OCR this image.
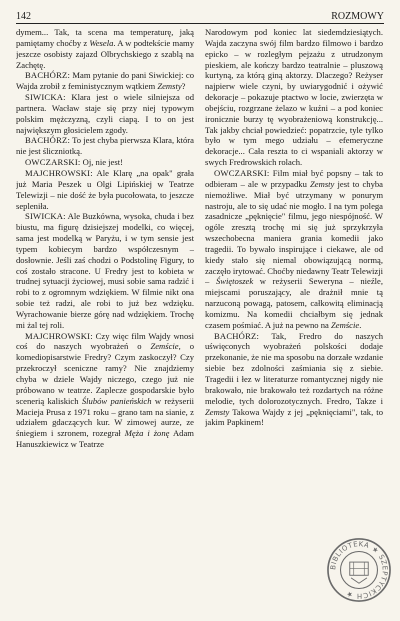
142	ROZMOWY

dymem... Tak, ta scena ma temperaturę, jaką pamiętamy choćby z Wesela. A w podtekście mamy jeszcze osobisty zajazd Olbrychskiego z szablą na Zachętę.

BACHÓRZ: Mam pytanie do pani Siwickiej: co Wajda zrobił z feministycznym wątkiem Zemsty?

SIWICKA: Klara jest o wiele silniejsza od partnera. Wacław staje się przy niej typowym polskim mężczyzną, czyli ciapą. I to on jest największym głosicielem zgody.

BACHÓRZ: To jest chyba pierwsza Klara, która nie jest śliczniotką.

OWCZARSKI: Oj, nie jest!

MAJCHROWSKI: Ale Klarę „na opak" grała już Maria Peszek u Olgi Lipińskiej w Teatrze Telewizji – nie dość że była pucołowata, to jeszcze sepleniła.

SIWICKA: Ale Buzkówna, wysoka, chuda i bez biustu, ma figurę dzisiejszej modelki, co więcej, sama jest modelką w Paryżu, i w tym sensie jest typem kobiecym bardzo współczesnym – dosłownie. Jeśli zaś chodzi o Podstolinę Figury, to coś zostało stracone. U Fredry jest to kobieta w trudnej sytuacji życiowej, musi sobie sama radzić i robi to z ogromnym wdziękiem. W filmie nikt ona sobie też radzi, ale robi to już bez wdzięku. Wyrachowanie bierze górę nad wdziękiem. Trochę mi żal tej roli.

MAJCHROWSKI: Czy więc film Wajdy wnosi coś do naszych wyobrażeń o Zemście, o komediopisarstwie Fredry? Czym zaskoczył? Czy przekroczył sceniczne ramy? Nie znajdziemy chyba w dziele Wajdy niczego, czego już nie próbowano w teatrze. Zaplecze gospodarskie było scenerią kaliskich Ślubów panieńskich w reżyserii Macieja Prusa z 1971 roku – grano tam na sianie, z udziałem gdaczących kur. W zimowej aurze, ze śniegiem i szronem, rozegrał Męża i żonę Adam Hanuszkiewicz w Teatrze

Narodowym pod koniec lat siedemdziesiątych. Wajda zaczyna swój film bardzo filmowo i bardzo epicko – w rozległym pejzażu z utrudzonym pieskiem, ale kończy bardzo teatralnie – pluszową kurtyną, za którą giną aktorzy. Dlaczego? Reżyser najpierw wiele czyni, by uwiarygodnić i ożywić dekoracje – pokazuje ptactwo w locie, zwierzęta w obejściu, rozgrzane żelazo w kuźni – a pod koniec ironicznie burzy tę wyobrażeniową konstrukcję... Tak jakby chciał powiedzieć: popatrzcie, tyle tylko było w tym mego udziału – efemeryczne dekoracje... Cała reszta to ci wspaniali aktorzy w swych Fredrowskich rolach.

OWCZARSKI: Film miał być popsny – tak to odbieram – ale w przypadku Zemsty jest to chyba niemożliwe. Miał być utrzymany w ponurym nastroju, ale to się udać nie mogło. I na tym polega zasadnicze „pęknięcie" filmu, jego niespójność. W ogóle zresztą trochę mi się już sprzykrzyła wszechobecna maniera grania komedii jako tragedii. To bywało inspirujące i ciekawe, ale od kiedy stało się niemal obowiązującą normą, zaczęło irytować. Choćby niedawny Teatr Telewizji – Świętoszek w reżyserii Seweryna – nieźle, miejscami poruszający, ale drażnił mnie tą narzuconą powagą, patosem, całkowitą eliminacją komizmu. Na komedii chciałbym się jednak czasem pośmiać. A już na pewno na Zemście.

BACHÓRZ: Tak, Fredro do naszych uświęconych wyobrażeń polskości dodaje przekonanie, że nie ma sposobu na dorzałe wzdanie siebie bez zdolności zaśmiania się z siebie. Tragedii i łez w literaturze romantycznej nigdy nie brakowało, nie brakowało też rozdartych na różne melodie, tych dolorozotycznych. Fredro, Takze i Zemsty Takowa Wajdy z jej „pęknięciami", tak, to jakim Papkinem!

BIBLIOTEKA ★ SZEPTYCKICH ★
